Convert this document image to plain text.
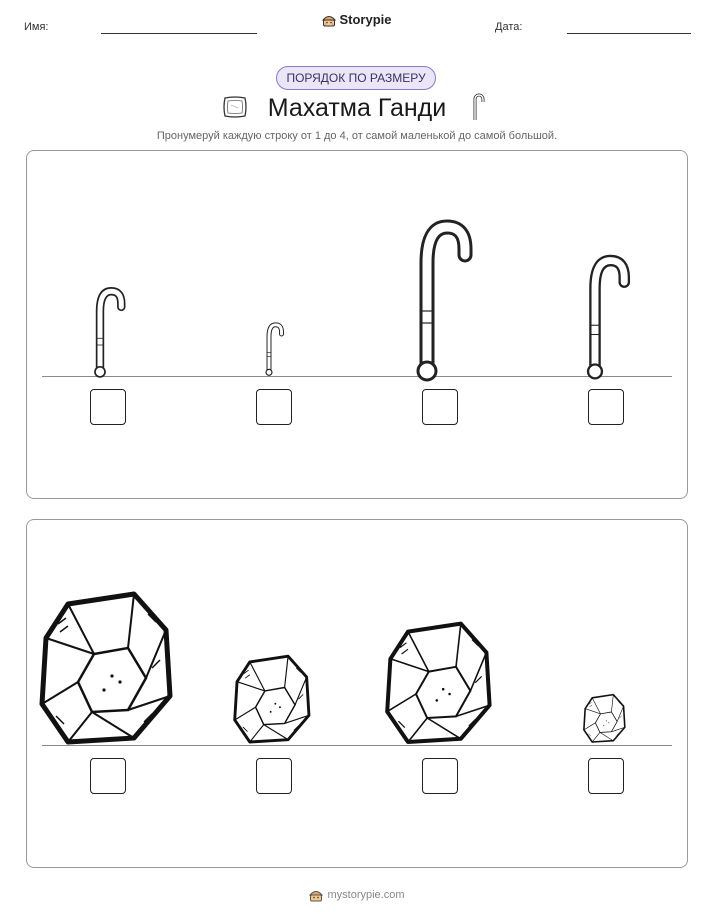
Имя:	Storypie	Дата:
ПОРЯДОК ПО РАЗМЕРУ
Махатма Ганди
Пронумеруй каждую строку от 1 до 4, от самой маленькой до самой большой.
mystorypie.com
